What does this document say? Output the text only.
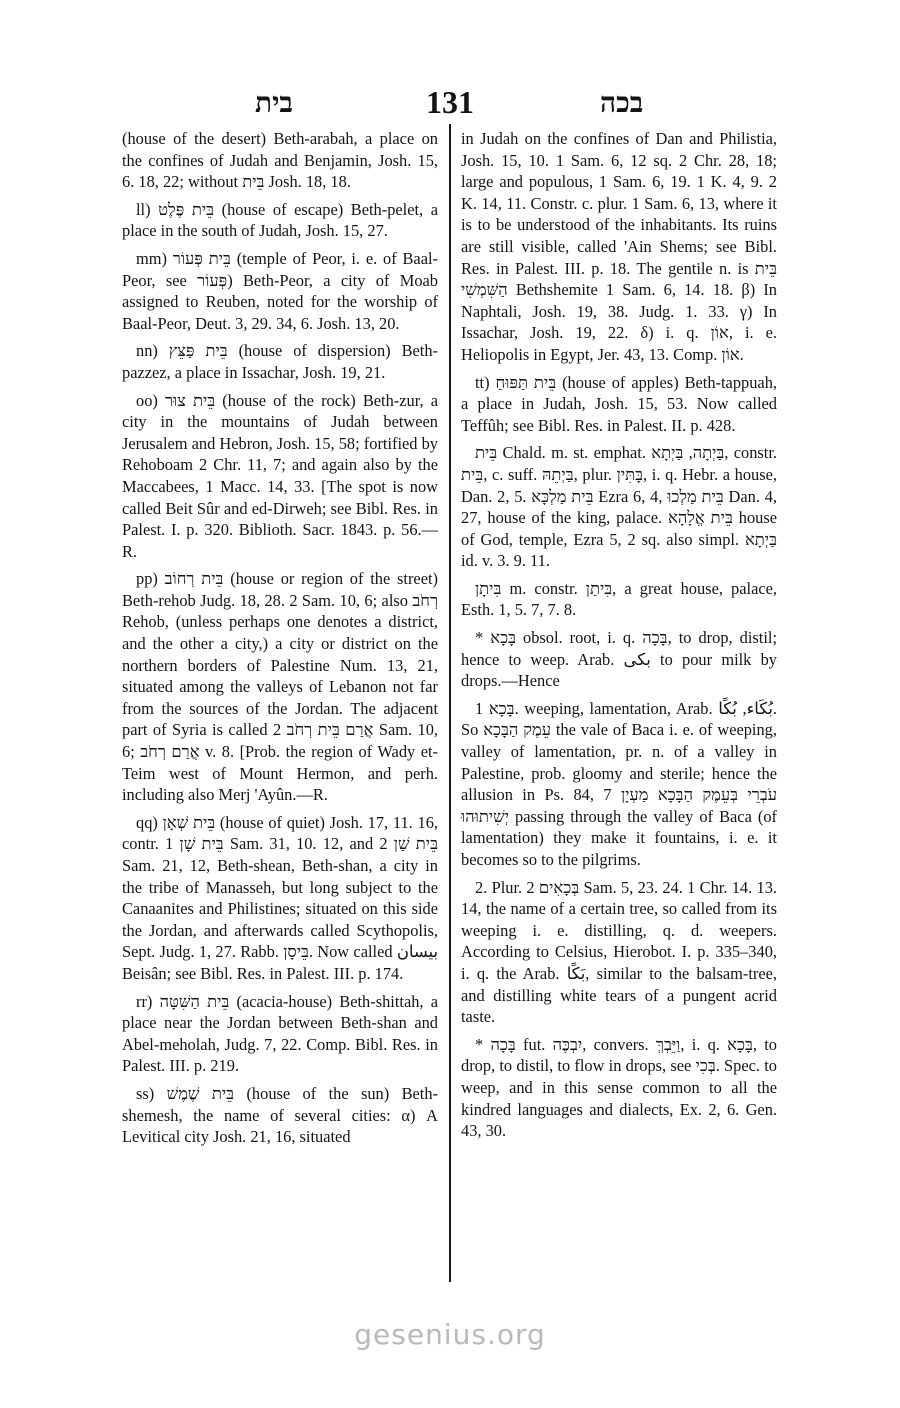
בית	131	בכה

(house of the desert) Beth-arabah, a place on the confines of Judah and Benjamin, Josh. 15, 6. 18, 22; without בֵּית Josh. 18, 18.

ll) בֵּית פֶּלֶט (house of escape) Beth-pelet, a place in the south of Judah, Josh. 15, 27.

mm) בֵּית פְּעוֹר (temple of Peor, i. e. of Baal-Peor, see פְּעוֹר) Beth-Peor, a city of Moab assigned to Reuben, noted for the worship of Baal-Peor, Deut. 3, 29. 34, 6. Josh. 13, 20.

nn) בֵּית פַּצֵּץ (house of dispersion) Beth-pazzez, a place in Issachar, Josh. 19, 21.

oo) בֵּית צוּר (house of the rock) Beth-zur, a city in the mountains of Judah between Jerusalem and Hebron, Josh. 15, 58; fortified by Rehoboam 2 Chr. 11, 7; and again also by the Maccabees, 1 Macc. 14, 33. [The spot is now called Beit Sûr and ed-Dirweh; see Bibl. Res. in Palest. I. p. 320. Biblioth. Sacr. 1843. p. 56.—R.

pp) בֵּית רְחוֹב (house or region of the street) Beth-rehob Judg. 18, 28. 2 Sam. 10, 6; also רְחֹב Rehob, (unless perhaps one denotes a district, and the other a city,) a city or district on the northern borders of Palestine Num. 13, 21, situated among the valleys of Lebanon not far from the sources of the Jordan. The adjacent part of Syria is called אֲרַם בֵּית רְחֹב 2 Sam. 10, 6; אֲרַם רְחֹב v. 8. [Prob. the region of Wady et-Teim west of Mount Hermon, and perh. including also Merj 'Ayûn.—R.

qq) בֵּית שְׁאָן (house of quiet) Josh. 17, 11. 16, contr. בֵּית שָׁן 1 Sam. 31, 10. 12, and בֵּית שַׁן 2 Sam. 21, 12, Beth-shean, Beth-shan, a city in the tribe of Manasseh, but long subject to the Canaanites and Philistines; situated on this side the Jordan, and afterwards called Scythopolis, Sept. Judg. 1, 27. Rabb. בֵּיסָן. Now called بيسان Beisân; see Bibl. Res. in Palest. III. p. 174.

rr) בֵּית הַשִּׁטָּה (acacia-house) Beth-shittah, a place near the Jordan between Beth-shan and Abel-meholah, Judg. 7, 22. Comp. Bibl. Res. in Palest. III. p. 219.

ss) בֵּית שֶׁמֶשׁ (house of the sun) Beth-shemesh, the name of several cities: α) A Levitical city Josh. 21, 16, situated

in Judah on the confines of Dan and Philistia, Josh. 15, 10. 1 Sam. 6, 12 sq. 2 Chr. 28, 18; large and populous, 1 Sam. 6, 19. 1 K. 4, 9. 2 K. 14, 11. Constr. c. plur. 1 Sam. 6, 13, where it is to be understood of the inhabitants. Its ruins are still visible, called 'Ain Shems; see Bibl. Res. in Palest. III. p. 18. The gentile n. is בֵּית הַשִּׁמְשִׁי Bethshemite 1 Sam. 6, 14. 18. β) In Naphtali, Josh. 19, 38. Judg. 1. 33. γ) In Issachar, Josh. 19, 22. δ) i. q. אוֹן, i. e. Heliopolis in Egypt, Jer. 43, 13. Comp. אוֹן.

tt) בֵּית תַּפּוּחַ (house of apples) Beth-tappuah, a place in Judah, Josh. 15, 53. Now called Teffûh; see Bibl. Res. in Palest. II. p. 428.

בֵּית Chald. m. st. emphat. בַּיְתָה, בַּיְתָא, constr. בֵּית, c. suff. בַּיְתֵהּ, plur. בָּתִּין, i. q. Hebr. a house, Dan. 2, 5. בֵּית מַלְכָּא Ezra 6, 4, בֵּית מַלְכוּ Dan. 4, 27, house of the king, palace. בֵּית אֱלָהָא house of God, temple, Ezra 5, 2 sq. also simpl. בַּיְתָא id. v. 3. 9. 11.

בִּיתָן m. constr. בִּיתַן, a great house, palace, Esth. 1, 5. 7, 7. 8.

* בָּכָא obsol. root, i. q. בָּכָה, to drop, distil; hence to weep. Arab. بكى to pour milk by drops.—Hence

בָּכָא 1. weeping, lamentation, Arab. بُكَاء, بُكًا. So עֵמֶק הַבָּכָא the vale of Baca i. e. of weeping, valley of lamentation, pr. n. of a valley in Palestine, prob. gloomy and sterile; hence the allusion in Ps. 84, 7 עֹבְרֵי בְּעֵמֶק הַבָּכָא מַעְיָן יְשִׁיתוּהוּ passing through the valley of Baca (of lamentation) they make it fountains, i. e. it becomes so to the pilgrims.

2. Plur. בְּכָאִים 2 Sam. 5, 23. 24. 1 Chr. 14. 13. 14, the name of a certain tree, so called from its weeping i. e. distilling, q. d. weepers. According to Celsius, Hierobot. I. p. 335–340, i. q. the Arab. بَكًا, similar to the balsam-tree, and distilling white tears of a pungent acrid taste.

* בָּכָה fut. יִבְכֶּה, convers. וַיֵּבְךְּ, i. q. בָּכָא, to drop, to distil, to flow in drops, see בְּכִי. Spec. to weep, and in this sense common to all the kindred languages and dialects, Ex. 2, 6. Gen. 43, 30.

gesenius.org
